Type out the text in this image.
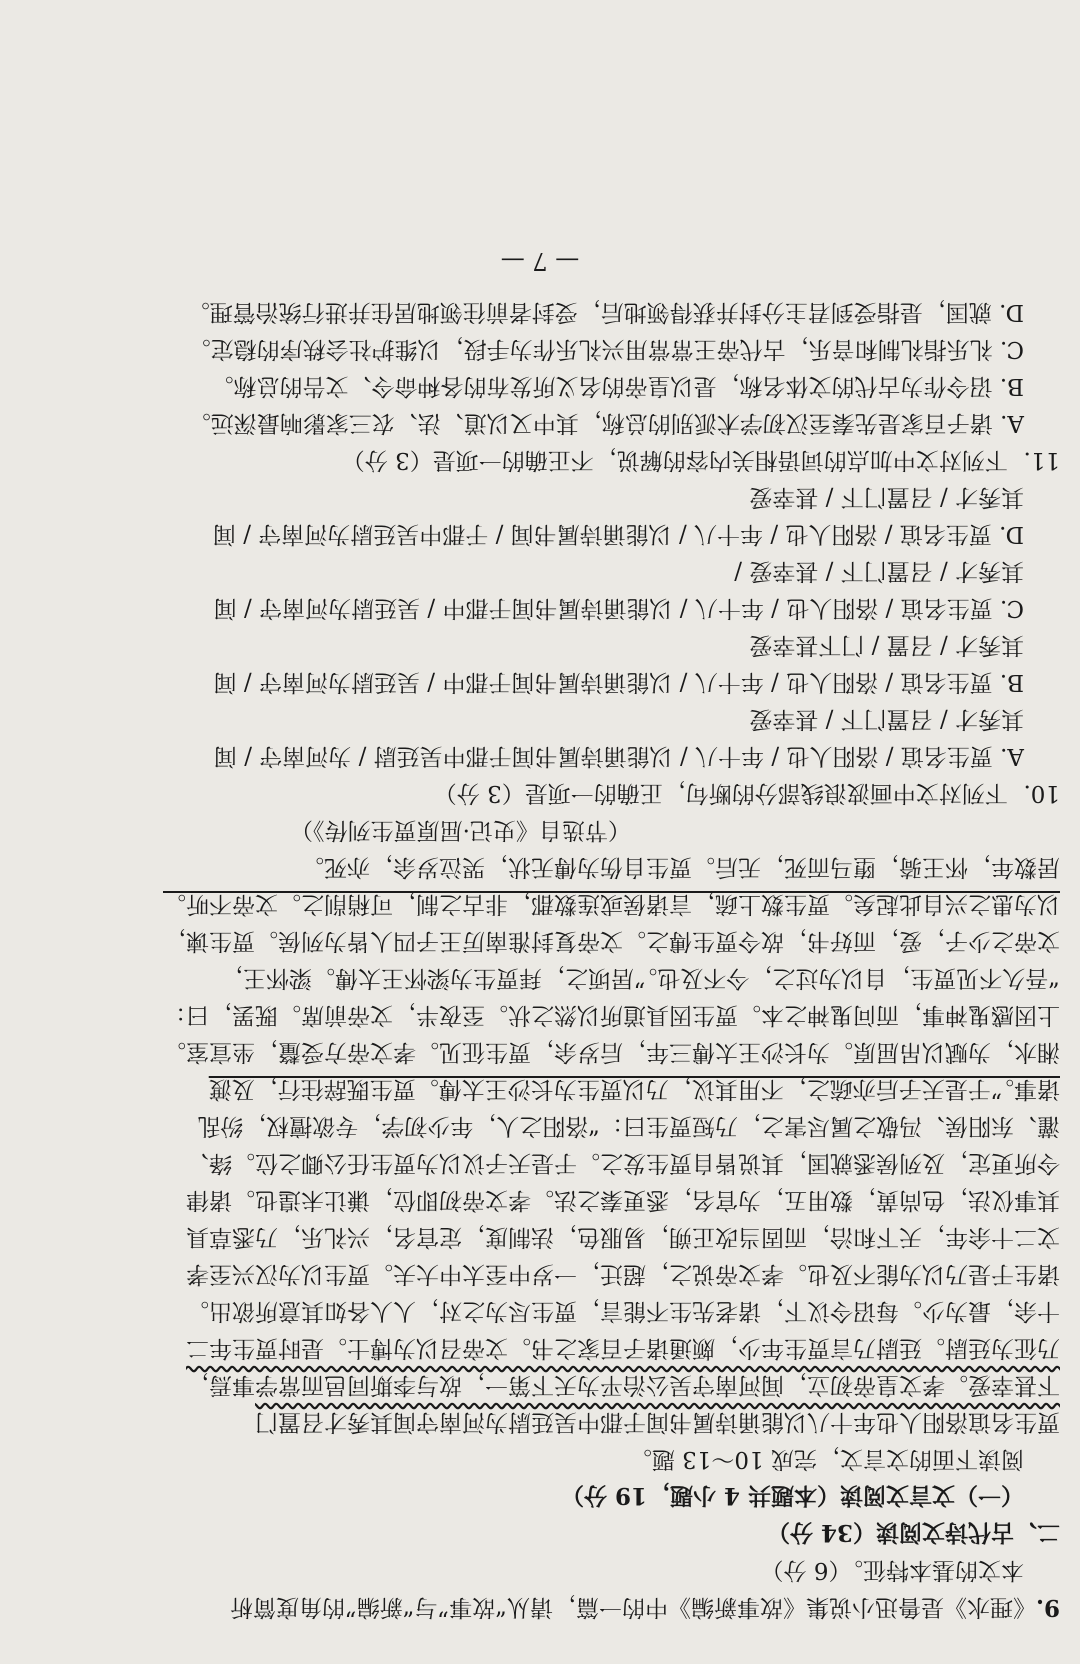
9.《理水》是鲁迅小说集《故事新编》中的一篇，请从“故事”与“新编”的角度简析

本文的基本特征。（6 分）

二、古代诗文阅读（34 分）

（一）文言文阅读（本题共 4 小题，19 分）

阅读下面的文言文，完成 10～13 题。

贾生名谊洛阳人也年十八以能诵诗属书闻于郡中吴廷尉为河南守闻其秀才召置门

下甚幸爱。孝文皇帝初立，闻河南守吴公治平为天下第一，故与李斯同邑而常学事焉，

乃征为廷尉。廷尉乃言贾生年少，颇通诸子百家之书。文帝召以为博士。是时贾生年二

十余，最为少。每诏令议下，诸老先生不能言，贾生尽为之对，人人各如其意所欲出。

诸生于是乃以为能不及也。孝文帝说之，超迁，一岁中至太中大夫。贾生以为汉兴至孝

文二十余年，天下和洽，而固当改正朔，易服色，法制度，定官名，兴礼乐，乃悉草具

其事仪法，色尚黄，数用五，为官名，悉更秦之法。孝文帝初即位，谦让未遑也。诸律

令所更定，及列侯悉就国，其说皆自贾生发之。于是天子议以为贾生任公卿之位。绛、

灌、东阳侯、冯敬之属尽害之，乃短贾生曰：“洛阳之人，年少初学，专欲擅权，纷乱

诸事。”于是天子后亦疏之，不用其议，乃以贾生为长沙王太傅。贾生既辞往行，及渡

湘水，为赋以吊屈原。为长沙王太傅三年，后岁余，贾生征见。孝文帝方受釐，坐宣室。

上因感鬼神事，而问鬼神之本。贾生因具道所以然之状。至夜半，文帝前席。既罢，曰：

“吾久不见贾生，自以为过之，今不及也。”居顷之，拜贾生为梁怀王太傅。梁怀王，

文帝之少子，爱，而好书，故令贾生傅之。文帝复封淮南厉王子四人皆为列侯。贾生谏，

以为患之兴自此起矣。贾生数上疏，言诸侯或连数郡，非古之制，可稍削之。文帝不听。

居数年，怀王骑，堕马而死，无后。贾生自伤为傅无状，哭泣岁余，亦死。

（节选自《史记·屈原贾生列传》）

10．下列对文中画波浪线部分的断句，正确的一项是（3 分）

A. 贾生名谊 / 洛阳人也 / 年十八 / 以能诵诗属书闻于郡中吴廷尉 / 为河南守 / 闻

其秀才 / 召置门下 / 甚幸爱

B. 贾生名谊 / 洛阳人也 / 年十八 / 以能诵诗属书闻于郡中 / 吴廷尉为河南守 / 闻

其秀才 / 召置 / 门下甚幸爱

C. 贾生名谊 / 洛阳人也 / 年十八 / 以能诵诗属书闻于郡中 / 吴廷尉为河南守 / 闻

其秀才 / 召置门下 / 甚幸爱 /

D. 贾生名谊 / 洛阳人也 / 年十八 / 以能诵诗属书闻 / 于郡中吴廷尉为河南守 / 闻

其秀才 / 召置门下 / 甚幸爱

11．下列对文中加点的词语相关内容的解说，不正确的一项是（3 分）

A. 诸子百家是先秦至汉初学术派别的总称，其中又以道、法、农三家影响最深远。

B. 诏令作为古代的文体名称，是以皇帝的名义所发布的各种命令、文告的总称。

C. 礼乐指礼制和音乐，古代帝王常常用兴礼乐作为手段，以维护社会秩序的稳定。

D. 就国，是指受到君主分封并获得领地后，受封者前往领地居住并进行统治管理。

— 7 —
